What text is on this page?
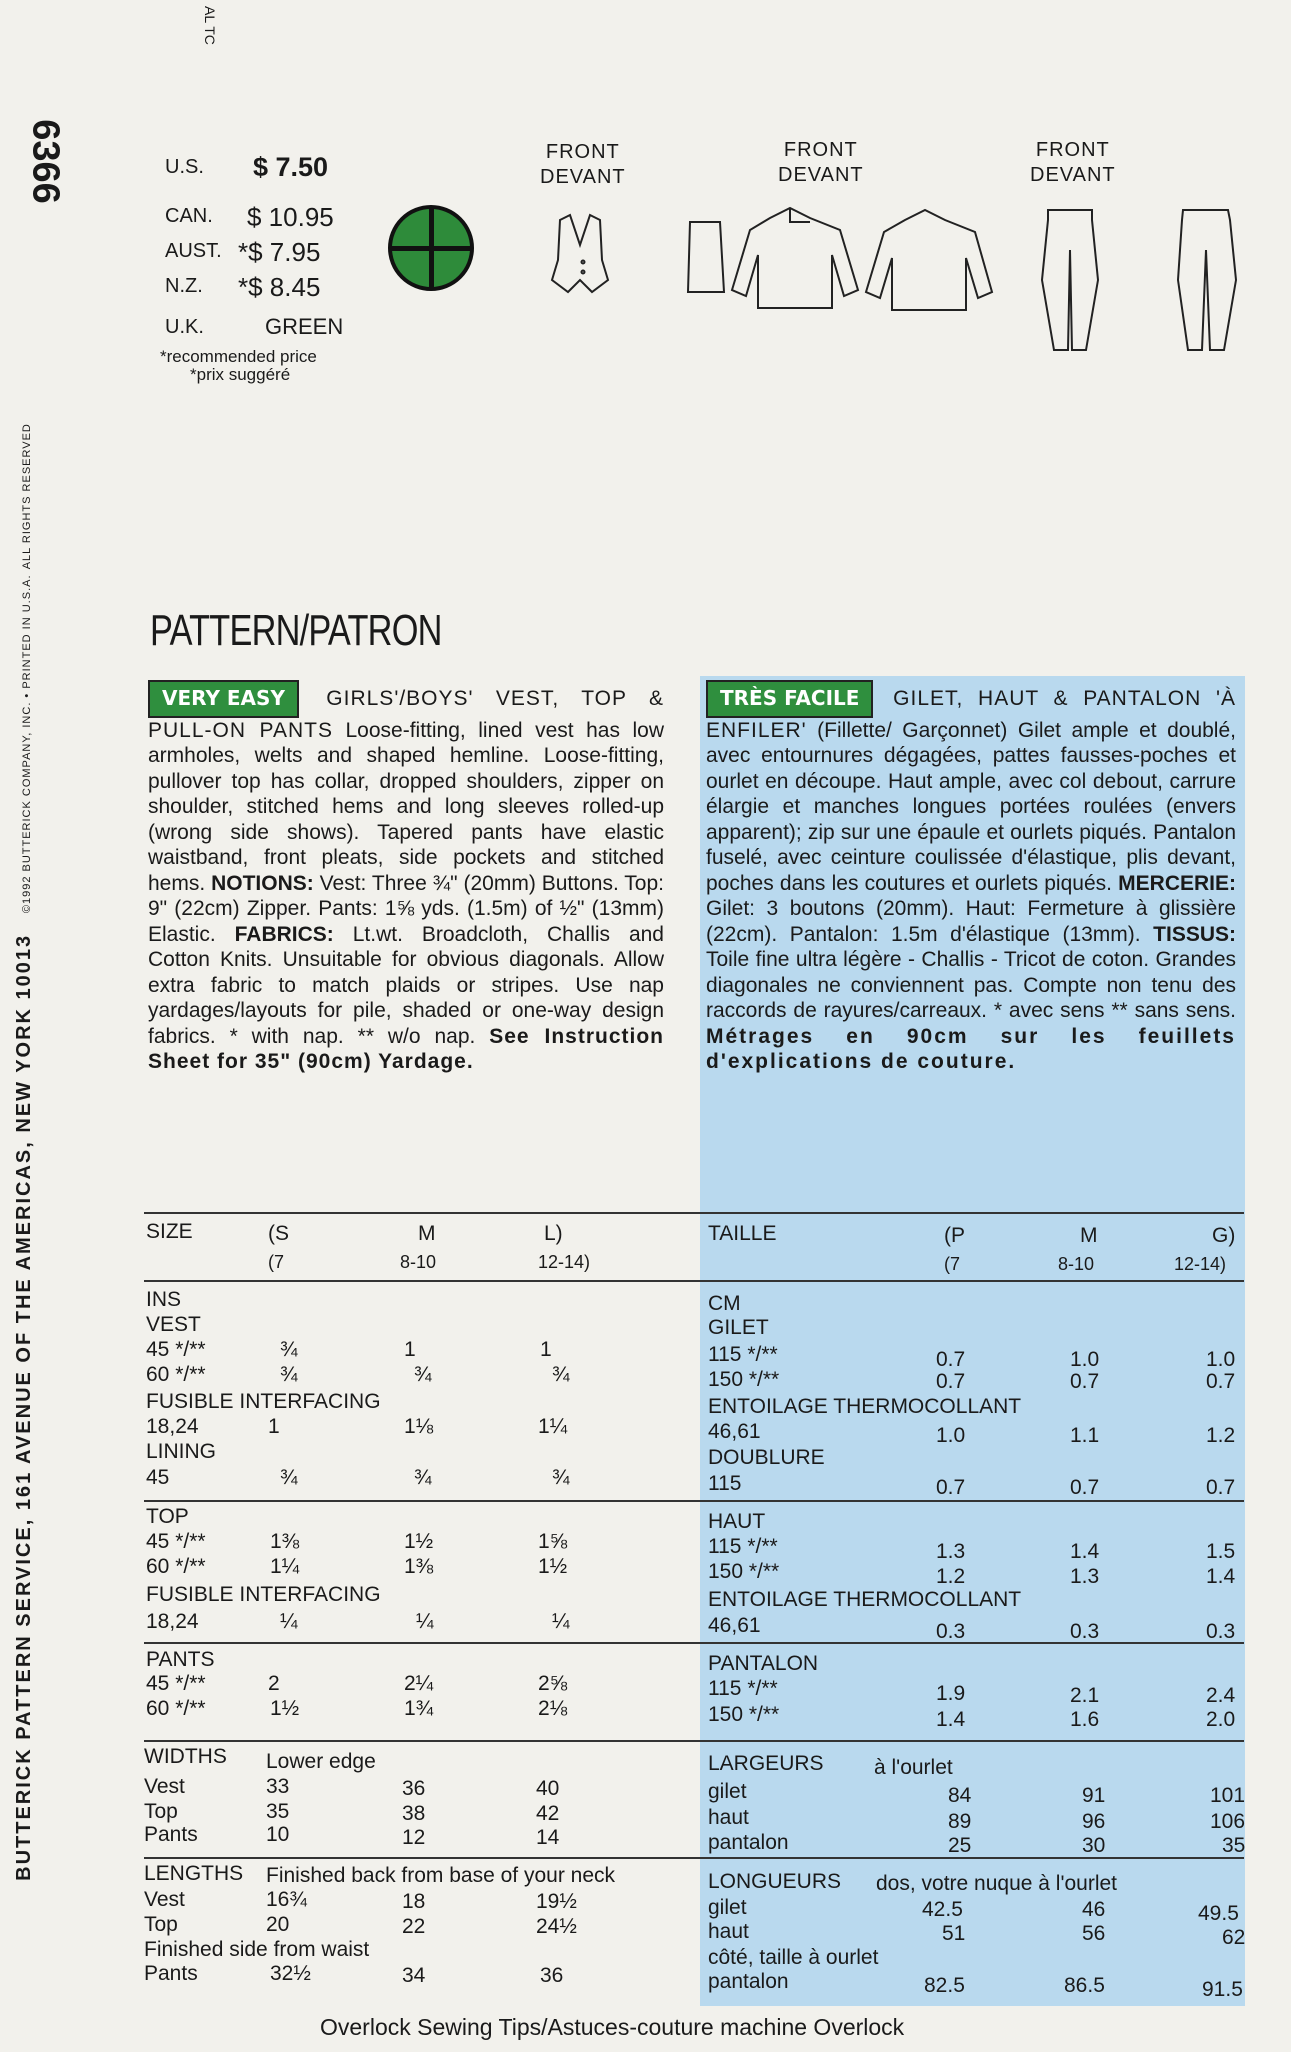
BUTTERICK PATTERN SERVICE, 161 AVENUE OF THE AMERICAS, NEW YORK 10013    ©1992 BUTTERICK COMPANY, INC. • PRINTED IN U.S.A. ALL RIGHTS RESERVED
6366
AL TC
U.S. $ 7.50
CAN. $ 10.95
AUST. *$ 7.95
N.Z. *$ 8.45
U.K.	GREEN
*recommended price
*prix suggéré
FRONT
DEVANT
FRONT
DEVANT
FRONT
DEVANT
PATTERN/PATRON
VERY EASY GIRLS'/BOYS' VEST, TOP & PULL-ON PANTS Loose-fitting, lined vest has low armholes, welts and shaped hemline. Loose-fitting, pullover top has collar, dropped shoulders, zipper on shoulder, stitched hems and long sleeves rolled-up (wrong side shows). Tapered pants have elastic waistband, front pleats, side pockets and stitched hems. NOTIONS: Vest: Three ¾" (20mm) Buttons. Top: 9" (22cm) Zipper. Pants: 1⅝ yds. (1.5m) of ½" (13mm) Elastic. FABRICS: Lt.wt. Broadcloth, Challis and Cotton Knits. Unsuitable for obvious diagonals. Allow extra fabric to match plaids or stripes. Use nap yardages/layouts for pile, shaded or one-way design fabrics. * with nap. ** w/o nap. See Instruction Sheet for 35" (90cm) Yardage.
TRÈS FACILE GILET, HAUT & PANTALON 'À ENFILER' (Fillette/ Garçonnet) Gilet ample et doublé, avec entournures dégagées, pattes fausses-poches et ourlet en découpe. Haut ample, avec col debout, carrure élargie et manches longues portées roulées (envers apparent); zip sur une épaule et ourlets piqués. Pantalon fuselé, avec ceinture coulissée d'élastique, plis devant, poches dans les coutures et ourlets piqués. MERCERIE: Gilet: 3 boutons (20mm). Haut: Fermeture à glissière (22cm). Pantalon: 1.5m d'élastique (13mm). TISSUS: Toile fine ultra légère - Challis - Tricot de coton. Grandes diagonales ne conviennent pas. Compte non tenu des raccords de rayures/carreaux. * avec sens ** sans sens. Métrages en 90cm sur les feuillets d'explications de couture.
SIZE	(S	M	L)
(7	8-10	12-14)
INS
VEST
45 */**	¾	1	1
60 */**	¾	¾	¾
FUSIBLE INTERFACING
18,24	1	1⅛	1¼
LINING
45	¾	¾	¾
TOP
45 */**	1⅜	1½	1⅝
60 */**	1¼	1⅜	1½
FUSIBLE INTERFACING
18,24	¼	¼	¼
PANTS
45 */**	2	2¼	2⅝
60 */**	1½	1¾	2⅛
WIDTHS Lower edge
Vest	33	36	40
Top	35	38	42
Pants	10	12	14
LENGTHS Finished back from base of your neck
Vest	16¾	18	19½
Top	20	22	24½
Finished side from waist
Pants	32½	34	36
TAILLE	(P	M	G)
(7	8-10	12-14)
CM
GILET
115 */**	0.7	1.0	1.0
150 */**	0.7	0.7	0.7
ENTOILAGE THERMOCOLLANT
46,61	1.0	1.1	1.2
DOUBLURE
115	0.7	0.7	0.7
HAUT
115 */**	1.3	1.4	1.5
150 */**	1.2	1.3	1.4
ENTOILAGE THERMOCOLLANT
46,61	0.3	0.3	0.3
PANTALON
115 */**	1.9	2.1	2.4
150 */**	1.4	1.6	2.0
LARGEURS à l'ourlet
gilet	84	91	101
haut	89	96	106
pantalon	25	30	35
LONGUEURS dos, votre nuque à l'ourlet
gilet	42.5	46	49.5
haut	51	56	62
côté, taille à ourlet
pantalon	82.5	86.5	91.5
Overlock Sewing Tips/Astuces-couture machine Overlock
